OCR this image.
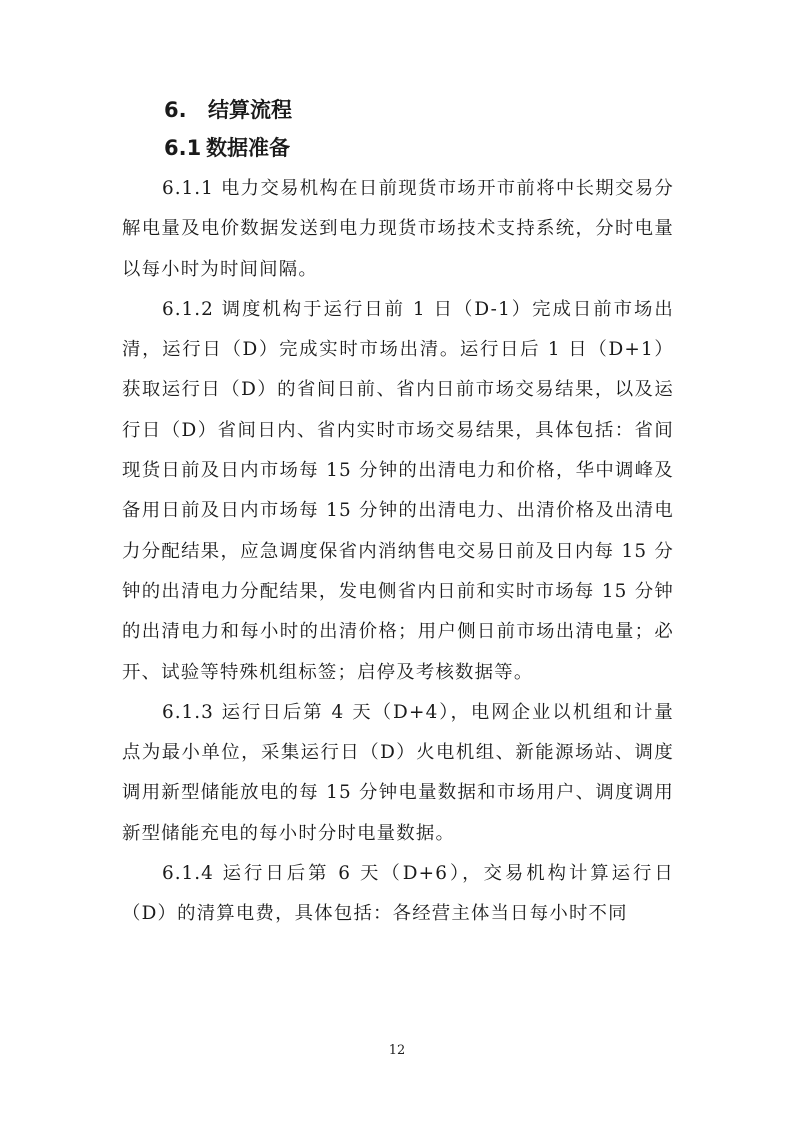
6. 结算流程
6.1 数据准备

6.1.1 电力交易机构在日前现货市场开市前将中长期交易分解电量及电价数据发送到电力现货市场技术支持系统，分时电量以每小时为时间间隔。

6.1.2 调度机构于运行日前 1 日（D-1）完成日前市场出清，运行日（D）完成实时市场出清。运行日后 1 日（D+1）获取运行日（D）的省间日前、省内日前市场交易结果，以及运行日（D）省间日内、省内实时市场交易结果，具体包括：省间现货日前及日内市场每 15 分钟的出清电力和价格，华中调峰及备用日前及日内市场每 15 分钟的出清电力、出清价格及出清电力分配结果，应急调度保省内消纳售电交易日前及日内每 15 分钟的出清电力分配结果，发电侧省内日前和实时市场每 15 分钟的出清电力和每小时的出清价格；用户侧日前市场出清电量；必开、试验等特殊机组标签；启停及考核数据等。

6.1.3 运行日后第 4 天（D+4），电网企业以机组和计量点为最小单位，采集运行日（D）火电机组、新能源场站、调度调用新型储能放电的每 15 分钟电量数据和市场用户、调度调用新型储能充电的每小时分时电量数据。

6.1.4 运行日后第 6 天（D+6），交易机构计算运行日（D）的清算电费，具体包括：各经营主体当日每小时不同

12
